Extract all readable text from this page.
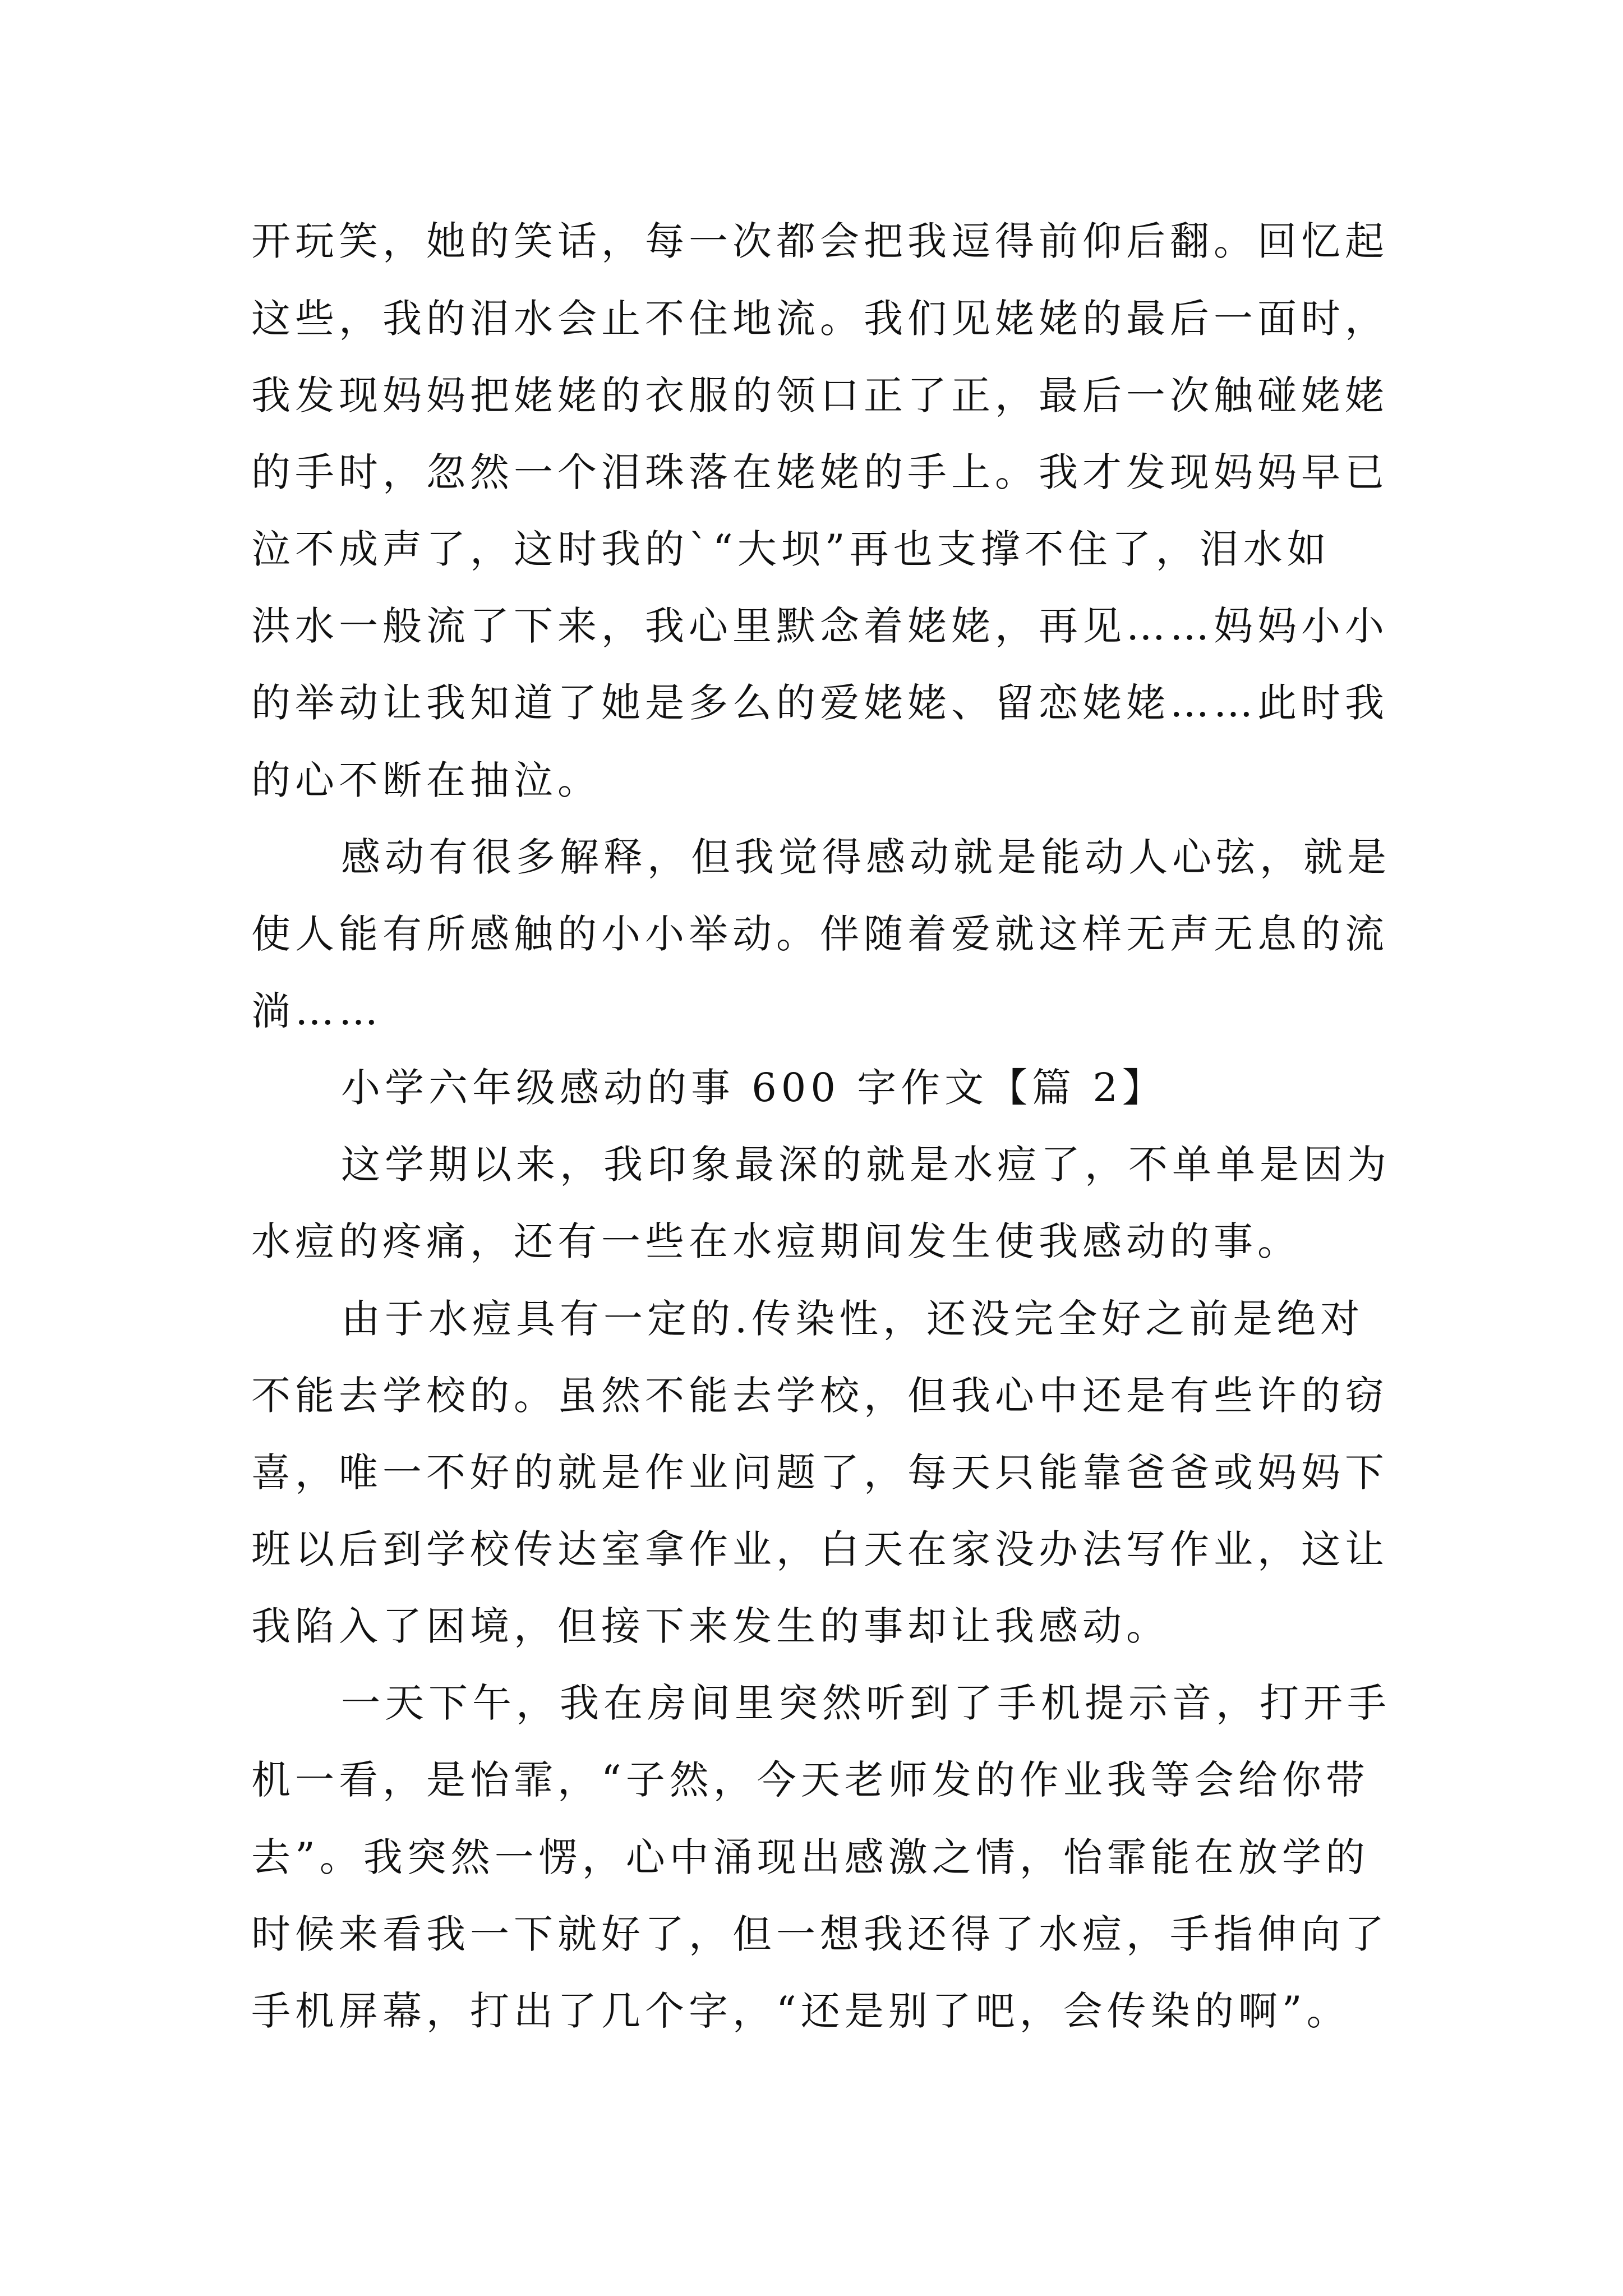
开玩笑，她的笑话，每一次都会把我逗得前仰后翻。回忆起
这些，我的泪水会止不住地流。我们见姥姥的最后一面时，
我发现妈妈把姥姥的衣服的领口正了正，最后一次触碰姥姥
的手时，忽然一个泪珠落在姥姥的手上。我才发现妈妈早已
泣不成声了，这时我的`“大坝”再也支撑不住了，泪水如
洪水一般流了下来，我心里默念着姥姥，再见……妈妈小小
的举动让我知道了她是多么的爱姥姥、留恋姥姥……此时我
的心不断在抽泣。
感动有很多解释，但我觉得感动就是能动人心弦，就是
使人能有所感触的小小举动。伴随着爱就这样无声无息的流
淌……
小学六年级感动的事 600 字作文【篇 2】
这学期以来，我印象最深的就是水痘了，不单单是因为
水痘的疼痛，还有一些在水痘期间发生使我感动的事。
由于水痘具有一定的.传染性，还没完全好之前是绝对
不能去学校的。虽然不能去学校，但我心中还是有些许的窃
喜，唯一不好的就是作业问题了，每天只能靠爸爸或妈妈下
班以后到学校传达室拿作业，白天在家没办法写作业，这让
我陷入了困境，但接下来发生的事却让我感动。
一天下午，我在房间里突然听到了手机提示音，打开手
机一看，是怡霏，“子然，今天老师发的作业我等会给你带
去”。我突然一愣，心中涌现出感激之情，怡霏能在放学的
时候来看我一下就好了，但一想我还得了水痘，手指伸向了
手机屏幕，打出了几个字，“还是别了吧，会传染的啊”。
